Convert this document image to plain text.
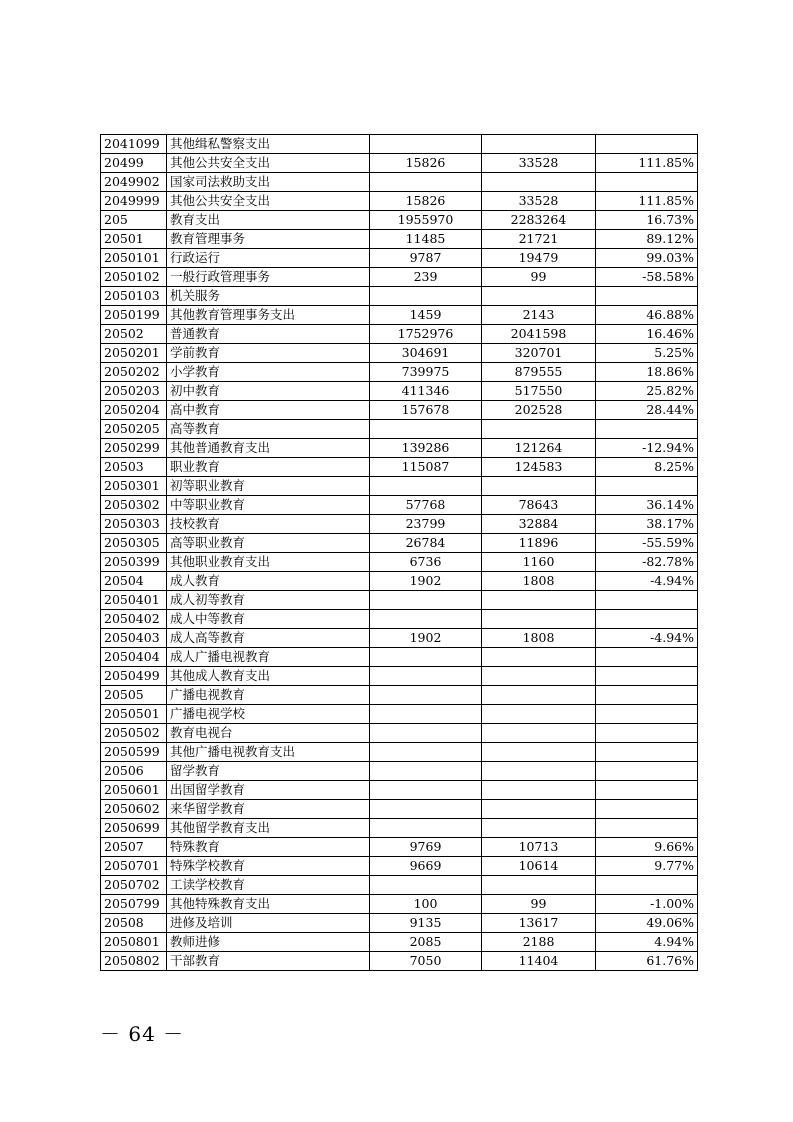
2041099	其他缉私警察支出			
20499	其他公共安全支出	15826	33528	111.85%
2049902	国家司法救助支出			
2049999	其他公共安全支出	15826	33528	111.85%
205	教育支出	1955970	2283264	16.73%
20501	教育管理事务	11485	21721	89.12%
2050101	行政运行	9787	19479	99.03%
2050102	一般行政管理事务	239	99	-58.58%
2050103	机关服务			
2050199	其他教育管理事务支出	1459	2143	46.88%
20502	普通教育	1752976	2041598	16.46%
2050201	学前教育	304691	320701	5.25%
2050202	小学教育	739975	879555	18.86%
2050203	初中教育	411346	517550	25.82%
2050204	高中教育	157678	202528	28.44%
2050205	高等教育			
2050299	其他普通教育支出	139286	121264	-12.94%
20503	职业教育	115087	124583	8.25%
2050301	初等职业教育			
2050302	中等职业教育	57768	78643	36.14%
2050303	技校教育	23799	32884	38.17%
2050305	高等职业教育	26784	11896	-55.59%
2050399	其他职业教育支出	6736	1160	-82.78%
20504	成人教育	1902	1808	-4.94%
2050401	成人初等教育			
2050402	成人中等教育			
2050403	成人高等教育	1902	1808	-4.94%
2050404	成人广播电视教育			
2050499	其他成人教育支出			
20505	广播电视教育			
2050501	广播电视学校			
2050502	教育电视台			
2050599	其他广播电视教育支出			
20506	留学教育			
2050601	出国留学教育			
2050602	来华留学教育			
2050699	其他留学教育支出			
20507	特殊教育	9769	10713	9.66%
2050701	特殊学校教育	9669	10614	9.77%
2050702	工读学校教育			
2050799	其他特殊教育支出	100	99	-1.00%
20508	进修及培训	9135	13617	49.06%
2050801	教师进修	2085	2188	4.94%
2050802	干部教育	7050	11404	61.76%
－ 64 －
